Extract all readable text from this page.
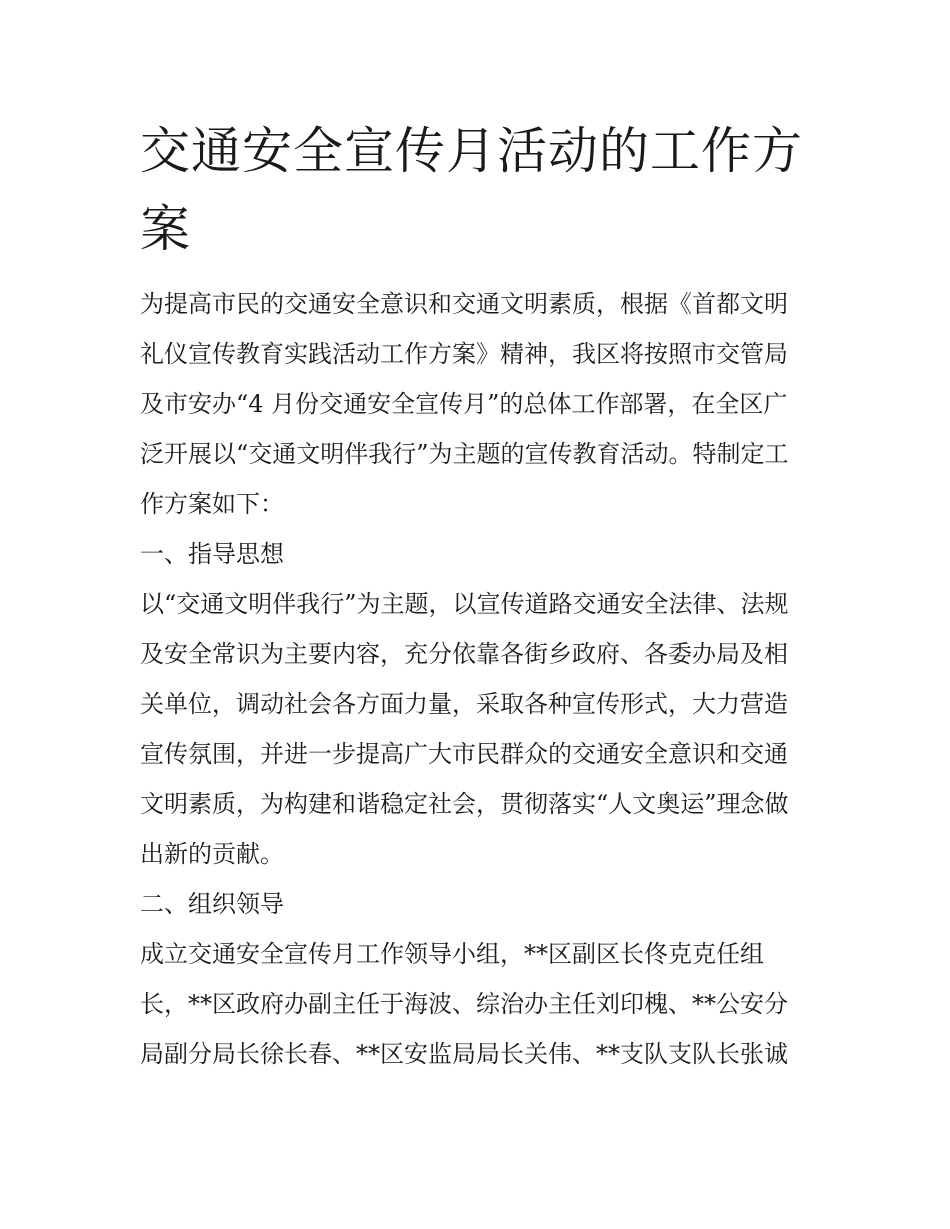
交通安全宣传月活动的工作方案

为提高市民的交通安全意识和交通文明素质，根据《首都文明

礼仪宣传教育实践活动工作方案》精神，我区将按照市交管局

及市安办“4 月份交通安全宣传月”的总体工作部署，在全区广

泛开展以“交通文明伴我行”为主题的宣传教育活动。特制定工

作方案如下：

一、指导思想

以“交通文明伴我行”为主题，以宣传道路交通安全法律、法规

及安全常识为主要内容，充分依靠各街乡政府、各委办局及相

关单位，调动社会各方面力量，采取各种宣传形式，大力营造

宣传氛围，并进一步提高广大市民群众的交通安全意识和交通

文明素质，为构建和谐稳定社会，贯彻落实“人文奥运”理念做

出新的贡献。

二、组织领导

成立交通安全宣传月工作领导小组，**区副区长佟克克任组

长，**区政府办副主任于海波、综治办主任刘印槐、**公安分

局副分局长徐长春、**区安监局局长关伟、**支队支队长张诚
